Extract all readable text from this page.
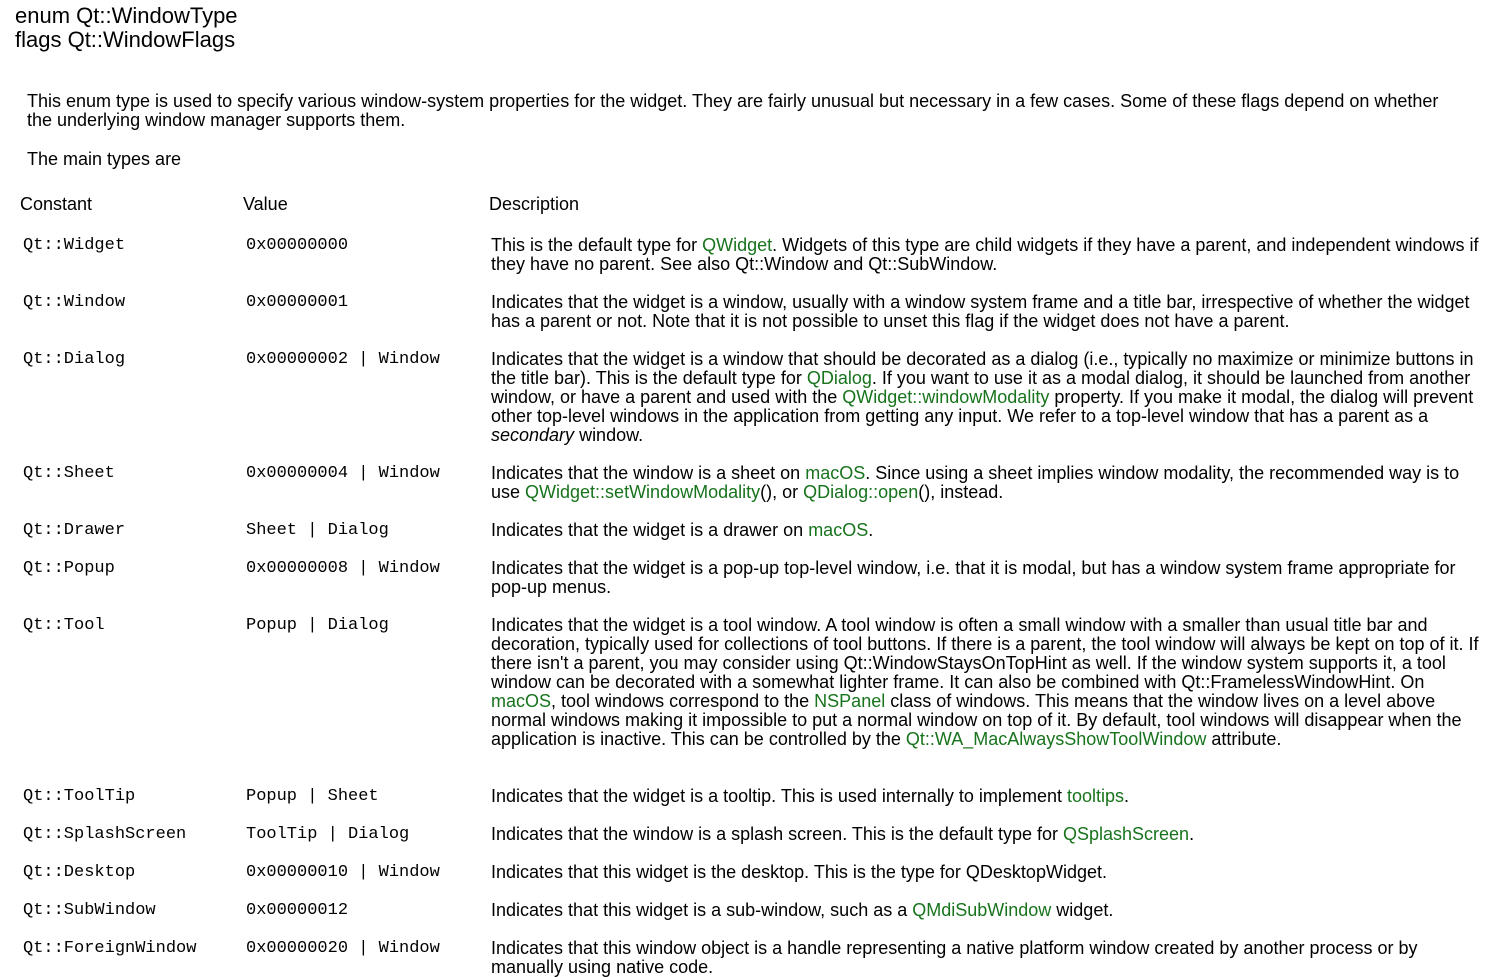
enum Qt::WindowType
flags Qt::WindowFlags
This enum type is used to specify various window-system properties for the widget. They are fairly unusual but necessary in a few cases. Some of these flags depend on whether the underlying window manager supports them.
The main types are
Constant	Value	Description
Qt::Widget	0x00000000	This is the default type for QWidget. Widgets of this type are child widgets if they have a parent, and independent windows if they have no parent. See also Qt::Window and Qt::SubWindow.
Qt::Window	0x00000001	Indicates that the widget is a window, usually with a window system frame and a title bar, irrespective of whether the widget has a parent or not. Note that it is not possible to unset this flag if the widget does not have a parent.
Qt::Dialog	0x00000002 | Window	Indicates that the widget is a window that should be decorated as a dialog (i.e., typically no maximize or minimize buttons in the title bar). This is the default type for QDialog. If you want to use it as a modal dialog, it should be launched from another window, or have a parent and used with the QWidget::windowModality property. If you make it modal, the dialog will prevent other top-level windows in the application from getting any input. We refer to a top-level window that has a parent as a secondary window.
Qt::Sheet	0x00000004 | Window	Indicates that the window is a sheet on macOS. Since using a sheet implies window modality, the recommended way is to use QWidget::setWindowModality(), or QDialog::open(), instead.
Qt::Drawer	Sheet | Dialog	Indicates that the widget is a drawer on macOS.
Qt::Popup	0x00000008 | Window	Indicates that the widget is a pop-up top-level window, i.e. that it is modal, but has a window system frame appropriate for pop-up menus.
Qt::Tool	Popup | Dialog	Indicates that the widget is a tool window. A tool window is often a small window with a smaller than usual title bar and decoration, typically used for collections of tool buttons. If there is a parent, the tool window will always be kept on top of it. If there isn't a parent, you may consider using Qt::WindowStaysOnTopHint as well. If the window system supports it, a tool window can be decorated with a somewhat lighter frame. It can also be combined with Qt::FramelessWindowHint. On macOS, tool windows correspond to the NSPanel class of windows. This means that the window lives on a level above normal windows making it impossible to put a normal window on top of it. By default, tool windows will disappear when the application is inactive. This can be controlled by the Qt::WA_MacAlwaysShowToolWindow attribute.
Qt::ToolTip	Popup | Sheet	Indicates that the widget is a tooltip. This is used internally to implement tooltips.
Qt::SplashScreen	ToolTip | Dialog	Indicates that the window is a splash screen. This is the default type for QSplashScreen.
Qt::Desktop	0x00000010 | Window	Indicates that this widget is the desktop. This is the type for QDesktopWidget.
Qt::SubWindow	0x00000012	Indicates that this widget is a sub-window, such as a QMdiSubWindow widget.
Qt::ForeignWindow	0x00000020 | Window	Indicates that this window object is a handle representing a native platform window created by another process or by manually using native code.
